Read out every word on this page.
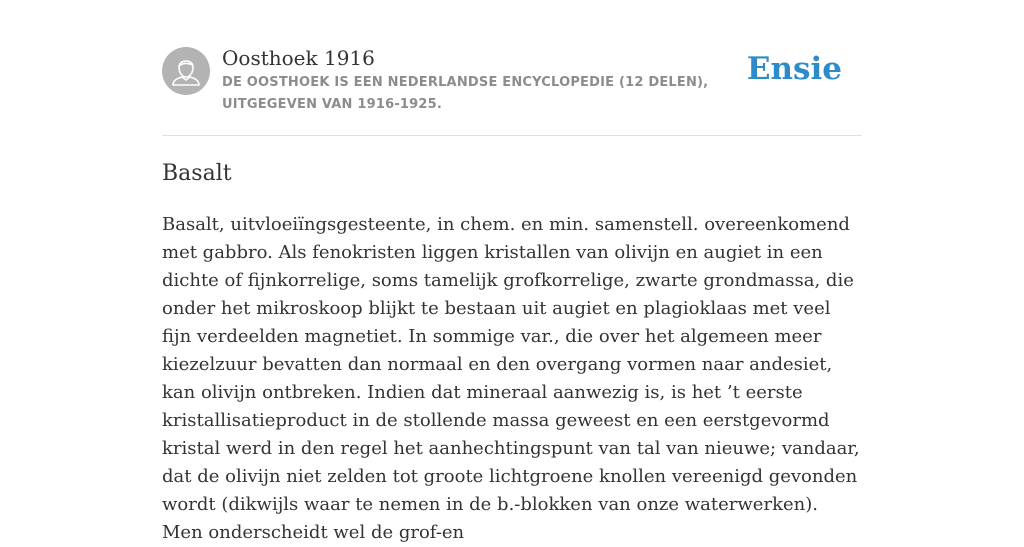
Oosthoek 1916
DE OOSTHOEK IS EEN NEDERLANDSE ENCYCLOPEDIE (12 DELEN), UITGEGEVEN VAN 1916-1925.
Ensie
Basalt

Basalt, uitvloeiïngsgesteente, in chem. en min. samenstell. overeenkomend met gabbro. Als fenokristen liggen kristallen van olivijn en augiet in een dichte of fijnkorrelige, soms tamelijk grofkorrelige, zwarte grondmassa, die onder het mikroskoop blijkt te bestaan uit augiet en plagioklaas met veel fijn verdeelden magnetiet. In sommige var., die over het algemeen meer kiezelzuur bevatten dan normaal en den overgang vormen naar andesiet, kan olivijn ontbreken. Indien dat mineraal aanwezig is, is het ’t eerste kristallisatieproduct in de stollende massa geweest en een eerstgevormd kristal werd in den regel het aanhechtingspunt van tal van nieuwe; vandaar, dat de olivijn niet zelden tot groote lichtgroene knollen vereenigd gevonden wordt (dikwijls waar te nemen in de b.-blokken van onze waterwerken). Men onderscheidt wel de grof-en
